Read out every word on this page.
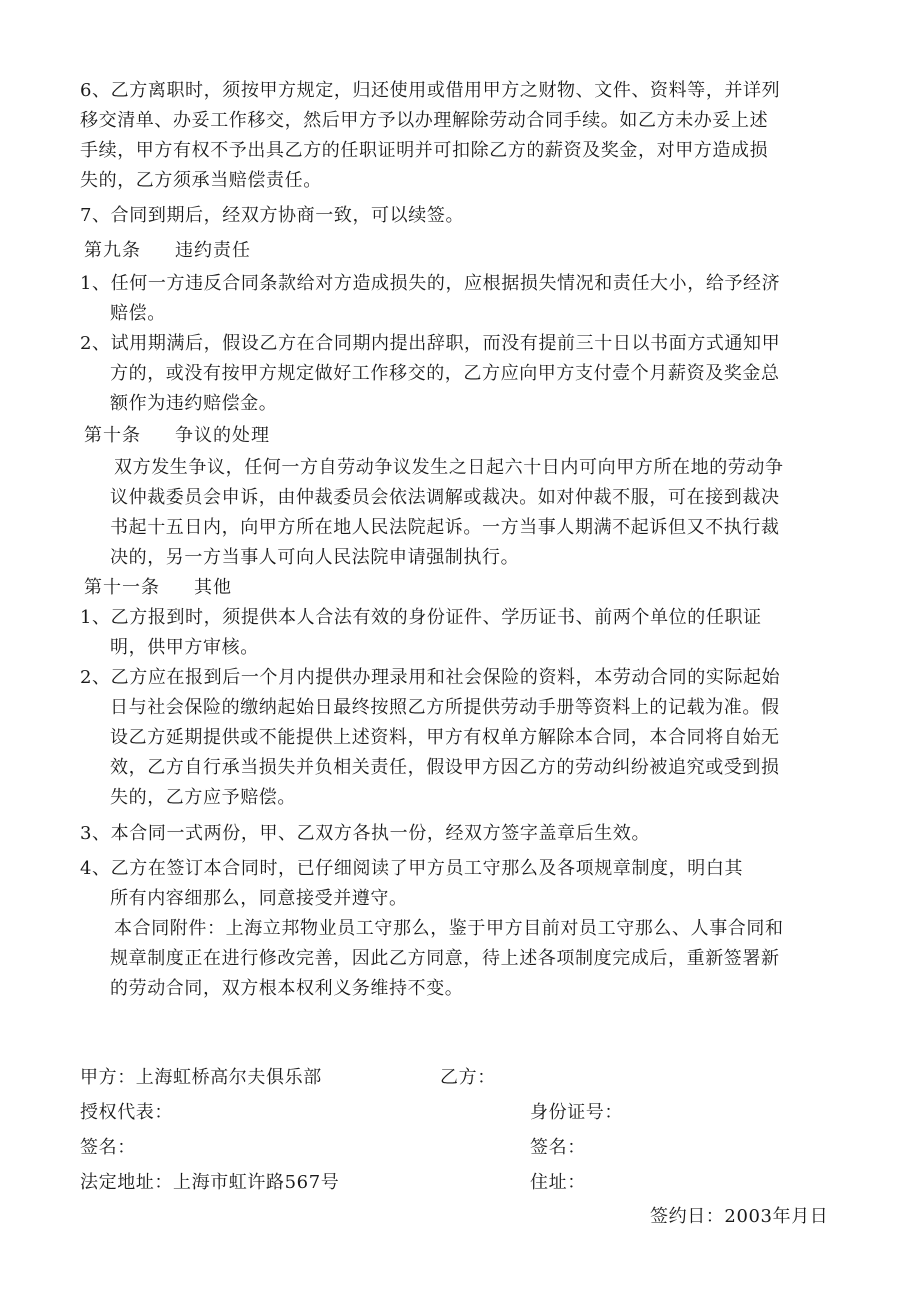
6、乙方离职时，须按甲方规定，归还使用或借用甲方之财物、文件、资料等，并详列
移交清单、办妥工作移交，然后甲方予以办理解除劳动合同手续。如乙方未办妥上述
手续，甲方有权不予出具乙方的任职证明并可扣除乙方的薪资及奖金，对甲方造成损
失的，乙方须承当赔偿责任。
7、合同到期后，经双方协商一致，可以续签。
第九条 违约责任
1、任何一方违反合同条款给对方造成损失的，应根据损失情况和责任大小，给予经济
赔偿。
2、试用期满后，假设乙方在合同期内提出辞职，而没有提前三十日以书面方式通知甲
方的，或没有按甲方规定做好工作移交的，乙方应向甲方支付壹个月薪资及奖金总
额作为违约赔偿金。
第十条 争议的处理
双方发生争议，任何一方自劳动争议发生之日起六十日内可向甲方所在地的劳动争
议仲裁委员会申诉，由仲裁委员会依法调解或裁决。如对仲裁不服，可在接到裁决
书起十五日内，向甲方所在地人民法院起诉。一方当事人期满不起诉但又不执行裁
决的，另一方当事人可向人民法院申请强制执行。
第十一条 其他
1、乙方报到时，须提供本人合法有效的身份证件、学历证书、前两个单位的任职证
明，供甲方审核。
2、乙方应在报到后一个月内提供办理录用和社会保险的资料，本劳动合同的实际起始
日与社会保险的缴纳起始日最终按照乙方所提供劳动手册等资料上的记载为准。假
设乙方延期提供或不能提供上述资料，甲方有权单方解除本合同，本合同将自始无
效，乙方自行承当损失并负相关责任，假设甲方因乙方的劳动纠纷被追究或受到损
失的，乙方应予赔偿。
3、本合同一式两份，甲、乙双方各执一份，经双方签字盖章后生效。
4、乙方在签订本合同时，已仔细阅读了甲方员工守那么及各项规章制度，明白其
所有内容细那么，同意接受并遵守。
本合同附件：上海立邦物业员工守那么，鉴于甲方目前对员工守那么、人事合同和
规章制度正在进行修改完善，因此乙方同意，待上述各项制度完成后，重新签署新
的劳动合同，双方根本权利义务维持不变。
甲方：上海虹桥高尔夫俱乐部	乙方：
授权代表：	身份证号：
签名：	签名：
法定地址：上海市虹许路567号	住址：
签约日：2003年月日
